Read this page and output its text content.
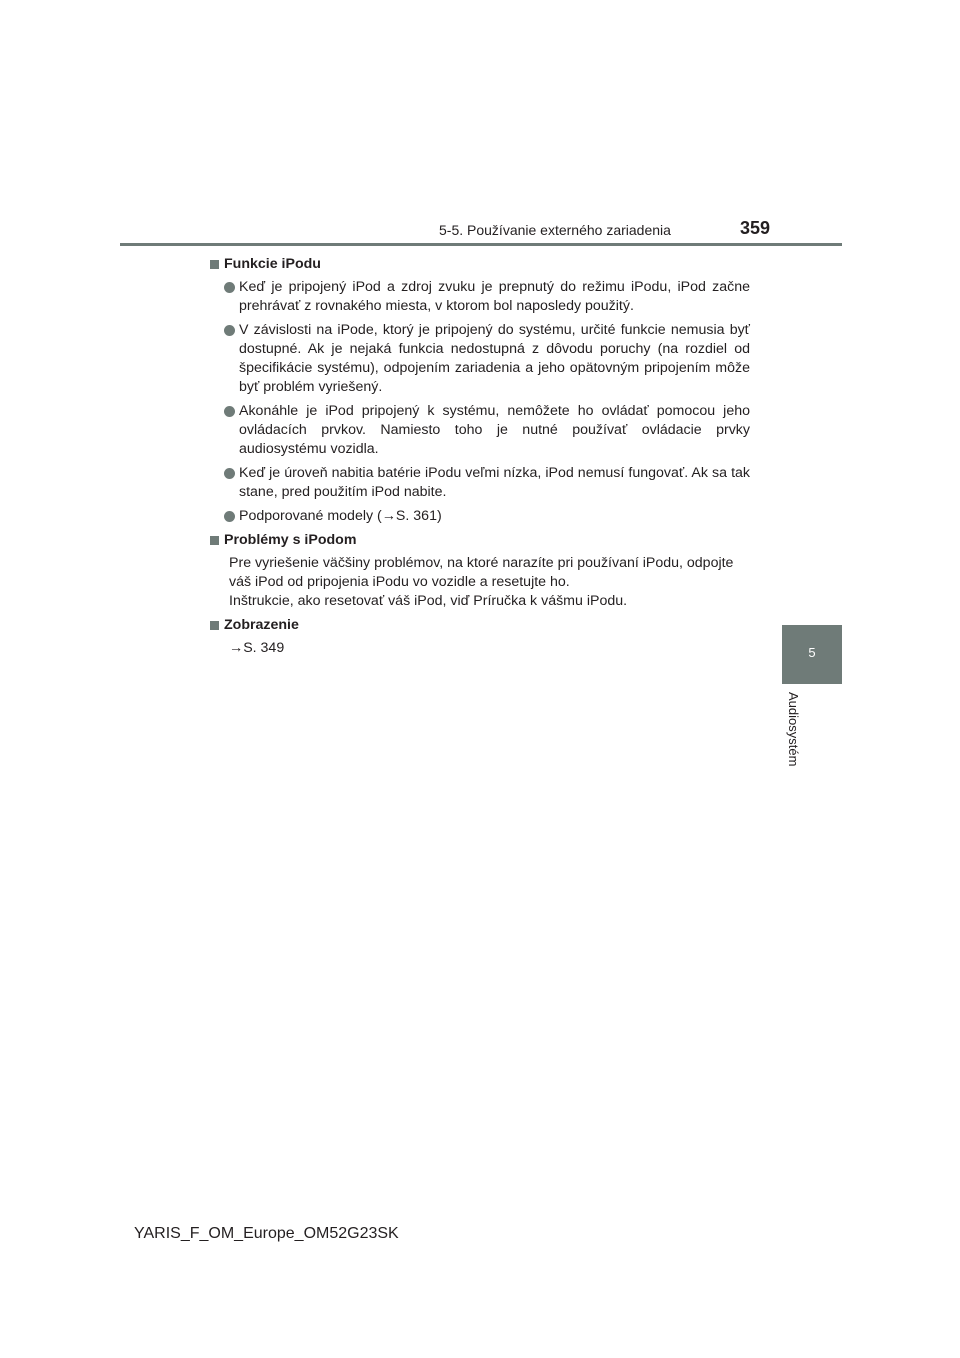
5-5. Používanie externého zariadenia	359
5
Audiosystém
Funkcie iPodu
Keď je pripojený iPod a zdroj zvuku je prepnutý do režimu iPodu, iPod začne prehrávať z rovnakého miesta, v ktorom bol naposledy použitý.
V závislosti na iPode, ktorý je pripojený do systému, určité funkcie nemusia byť dostupné. Ak je nejaká funkcia nedostupná z dôvodu poruchy (na rozdiel od špecifikácie systému), odpojením zariadenia a jeho opätovným pripojením môže byť problém vyriešený.
Akonáhle je iPod pripojený k systému, nemôžete ho ovládať pomocou jeho ovládacích prvkov. Namiesto toho je nutné používať ovládacie prvky audiosystému vozidla.
Keď je úroveň nabitia batérie iPodu veľmi nízka, iPod nemusí fungovať. Ak sa tak stane, pred použitím iPod nabite.
Podporované modely (→S. 361)
Problémy s iPodom
Pre vyriešenie väčšiny problémov, na ktoré narazíte pri používaní iPodu, odpojte váš iPod od pripojenia iPodu vo vozidle a resetujte ho.
Inštrukcie, ako resetovať váš iPod, viď Príručka k vášmu iPodu.
Zobrazenie
→S. 349
YARIS_F_OM_Europe_OM52G23SK
